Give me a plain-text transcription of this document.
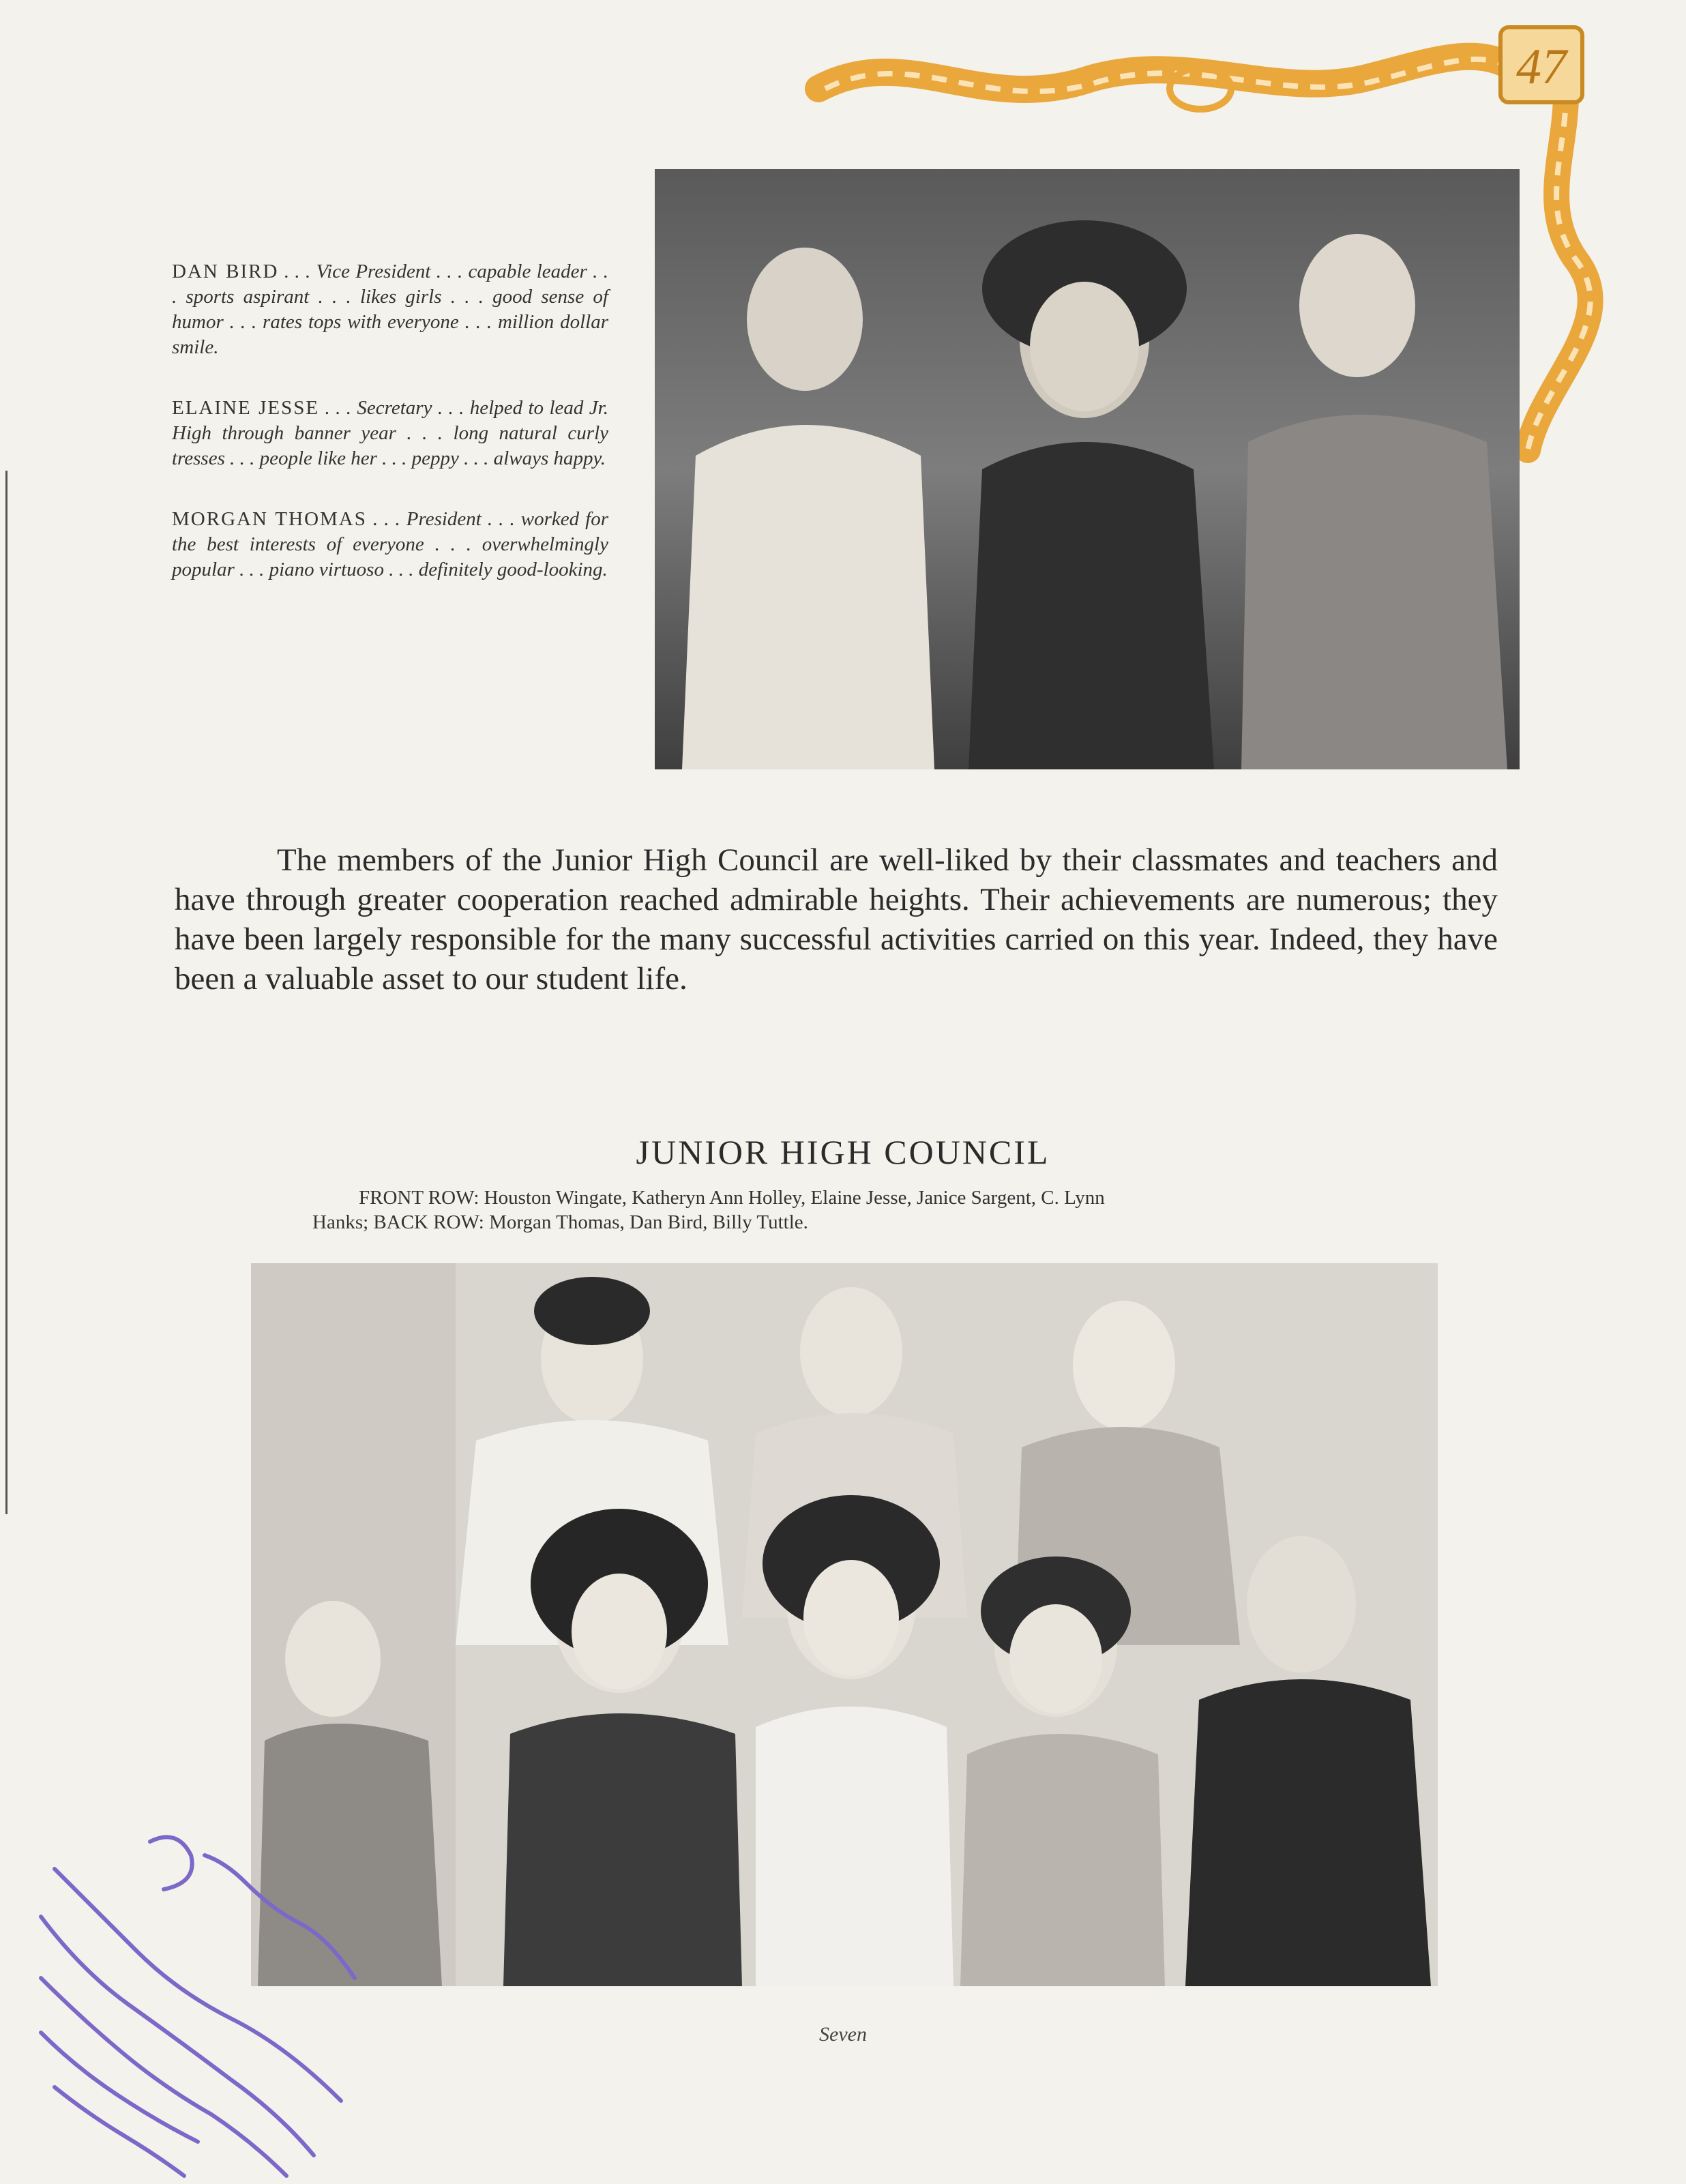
47

DAN BIRD . . . Vice President . . . capable leader . . . sports aspirant . . . likes girls . . . good sense of humor . . . rates tops with everyone . . . million dollar smile.

ELAINE JESSE . . . Secretary . . . helped to lead Jr. High through banner year . . . long natural curly tresses . . . people like her . . . peppy . . . always happy.

MORGAN THOMAS . . . President . . . worked for the best interests of everyone . . . overwhelmingly popular . . . piano virtuoso . . . definitely good-looking.

The members of the Junior High Council are well-liked by their classmates and teachers and have through greater cooperation reached admirable heights. Their achievements are numerous; they have been largely responsible for the many successful activities carried on this year. Indeed, they have been a valuable asset to our student life.
JUNIOR HIGH COUNCIL
FRONT ROW: Houston Wingate, Katheryn Ann Holley, Elaine Jesse, Janice Sargent, C. Lynn
Hanks; BACK ROW: Morgan Thomas, Dan Bird, Billy Tuttle.
Seven
